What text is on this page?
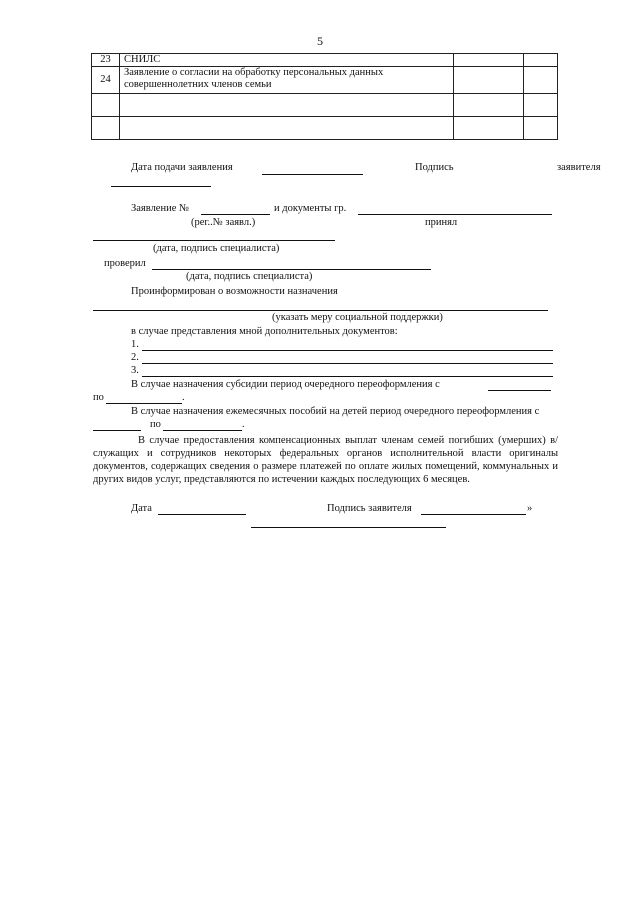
5
23	СНИЛС		
24	Заявление о согласии на обработку персональных данных совершеннолетних членов семьи		

Дата подачи заявления	Подпись	заявителя
Заявление №	и документы гр.
(рег..№ заявл.)	принял
(дата, подпись специалиста)
проверил
(дата, подпись специалиста)
Проинформирован о возможности назначения
(указать меру социальной поддержки)
в случае представления мной дополнительных документов:
1.
2.
3.
В случае назначения субсидии период очередного переоформления с
по	.
В случае назначения ежемесячных пособий на детей период очередного переоформления с
по	.
В случае предоставления компенсационных выплат членам семей погибших (умерших) в/служащих и сотрудников некоторых федеральных органов исполнительной власти оригиналы документов, содержащих сведения о размере платежей по оплате жилых помещений, коммунальных и других видов услуг, представляются по истечении каждых последующих 6 месяцев.
Дата	Подпись заявителя	»
